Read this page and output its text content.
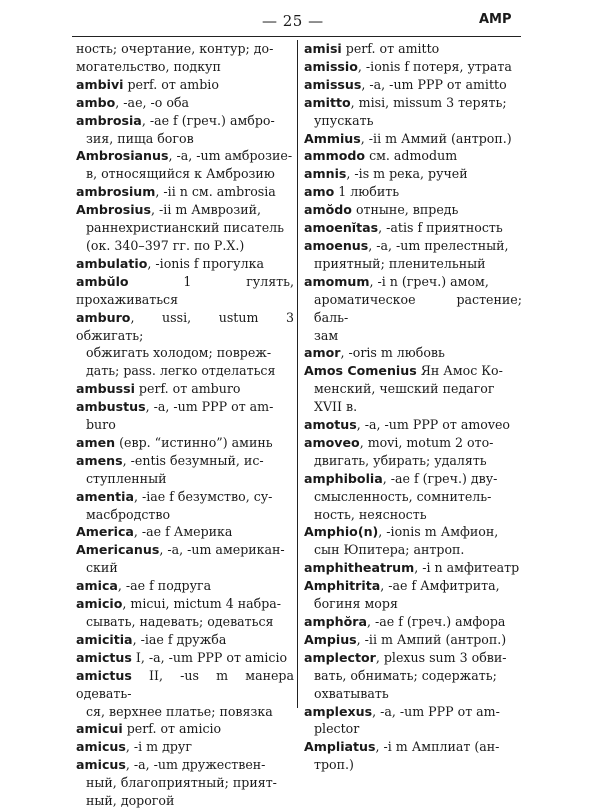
— 25 —	AMP
ность; очертание, контур; до-
могательство, подкуп
ambivi perf. от ambio
ambo, -ae, -o оба
ambrosia, -ae f (греч.) амбро-
зия, пища богов
Ambrosianus, -a, -um амброзие-
в, относящийся к Амброзию
ambrosium, -ii n см. ambrosia
Ambrosius, -ii m Амврозий,
раннехристианский писатель
(ок. 340–397 гг. по Р.Х.)
ambulatio, -ionis f прогулка
ambŭlo 1 гулять, прохаживаться
amburo, ussi, ustum 3 обжигать;
обжигать холодом; повреж-
дать; pass. легко отделаться
ambussi perf. от amburo
ambustus, -a, -um PPP от am-
buro
amen (евр. “истинно”) аминь
amens, -entis безумный, ис-
ступленный
amentia, -iae f безумство, су-
масбродство
America, -ae f Америка
Americanus, -a, -um американ-
ский
amica, -ae f подруга
amicio, micui, mictum 4 набра-
сывать, надевать; одеваться
amicitia, -iae f дружба
amictus I, -a, -um PPP от amicio
amictus II, -us m манера одевать-
ся, верхнее платье; повязка
amicui perf. от amicio
amicus, -i m друг
amicus, -a, -um дружествен-
ный, благоприятный; прият-
ный, дорогой
amisi perf. от amitto
amissio, -ionis f потеря, утрата
amissus, -a, -um PPP от amitto
amitto, misi, missum 3 терять;
упускать
Ammius, -ii m Аммий (антроп.)
ammodo см. admodum
amnis, -is m река, ручей
amo 1 любить
amŏdo отныне, впредь
amoenĭtas, -atis f приятность
amoenus, -a, -um прелестный,
приятный; пленительный
amomum, -i n (греч.) амом,
ароматическое растение; баль-
зам
amor, -oris m любовь
Amos Comenius Ян Амос Ко-
менский, чешский педагог
XVII в.
amotus, -a, -um PPP от amoveo
amoveo, movi, motum 2 ото-
двигать, убирать; удалять
amphibolia, -ae f (греч.) дву-
смысленность, сомнитель-
ность, неясность
Amphio(n), -ionis m Амфион,
сын Юпитера; антроп.
amphitheatrum, -i n амфитеатр
Amphitrita, -ae f Амфитрита,
богиня моря
amphŏra, -ae f (греч.) амфора
Ampius, -ii m Ампий (антроп.)
amplector, plexus sum 3 обви-
вать, обнимать; содержать;
охватывать
amplexus, -a, -um PPP от am-
plector
Ampliatus, -i m Амплиат (ан-
троп.)
